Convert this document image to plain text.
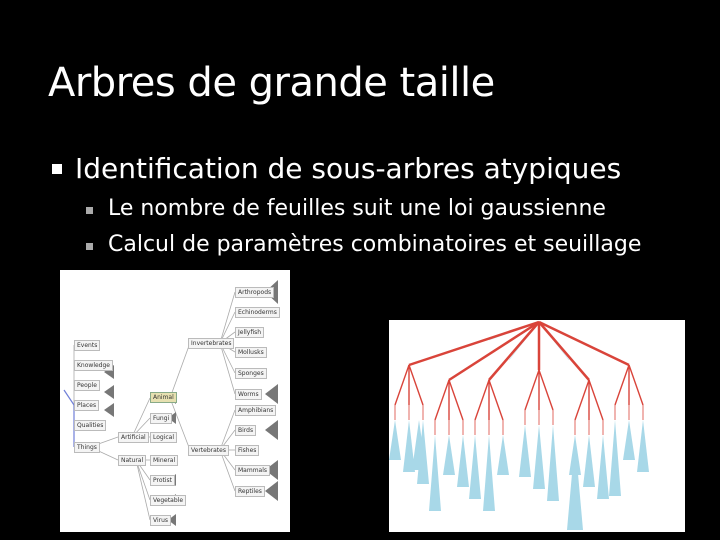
Arbres de grande taille
Identification de sous-arbres atypiques
Le nombre de feuilles suit une loi gaussienne
Calcul de paramètres combinatoires et seuillage
Arthropods
Echinoderms
Jellyfish
Invertebrates
Mollusks
Sponges
Events
Knowledge
People
Worms
Amphibians
Places
Fungi
Animal
Birds
Qualities
Artificial	Logical
Things
Natural	Mineral
Vertebrates	Fishes
Mammals
Protist
Reptiles
Vegetable
Virus
